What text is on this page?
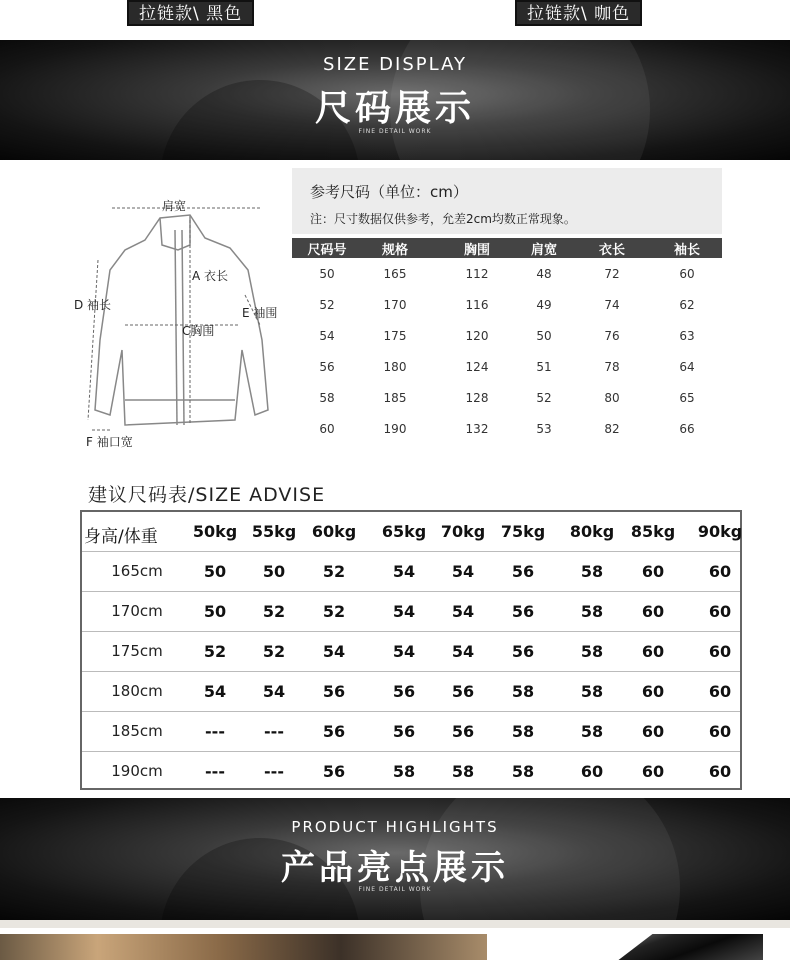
拉链款\ 黑色	拉链款\ 咖色
SIZE DISPLAY
尺码展示
FINE DETAIL WORK
肩宽
A 衣长
D 袖长
C胸围
E 袖围
F 袖口宽
参考尺码（单位：cm）
注：尺寸数据仅供参考，允差2cm均数正常现象。
尺码号	规格	胸围	肩宽	衣长	袖长
50	165	112	48	72	60
52	170	116	49	74	62
54	175	120	50	76	63
56	180	124	51	78	64
58	185	128	52	80	65
60	190	132	53	82	66
建议尺码表/SIZE ADVISE
身高/体重 50kg 55kg 60kg 65kg 70kg 75kg 80kg 85kg 90kg
165cm	50 50 52	54 54 56	58 60	60
170cm	50 52 52	54 54 56	58 60	60
175cm	52 52 54	54 54 56	58 60	60
180cm	54 54 56	56 56 58	58 60	60
185cm	--- --- 56	56 56 58	58 60	60
190cm	--- --- 56	58 58 58	60 60	60
PRODUCT HIGHLIGHTS
产品亮点展示
FINE DETAIL WORK
